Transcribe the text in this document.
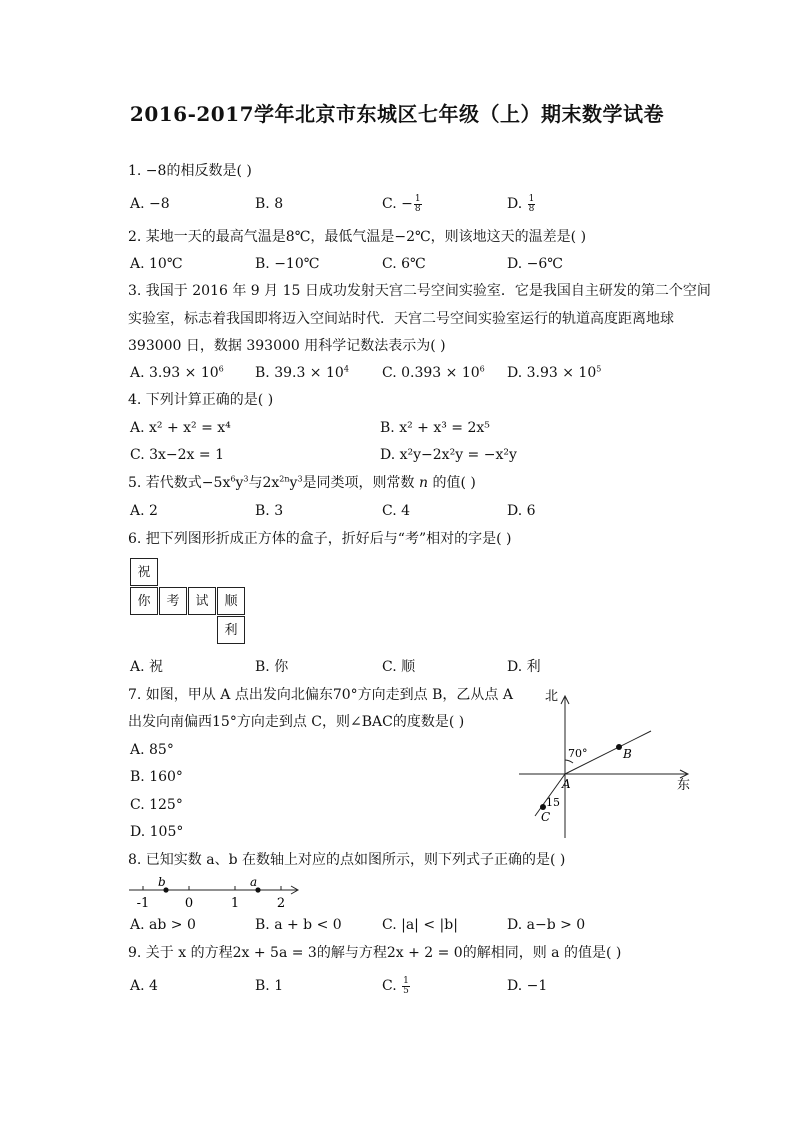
2016-2017学年北京市东城区七年级（上）期末数学试卷
1. −8的相反数是( )
A. −8	B. 8	C. − $\frac{1}{8}$	D. $\frac{1}{8}$
2. 某地一天的最高气温是8℃，最低气温是−2℃，则该地这天的温差是( )
A. 10℃	B. −10℃	C. 6℃	D. −6℃
3. 我国于 2016 年 9 月 15 日成功发射天宫二号空间实验室．它是我国自主研发的第二个空间
实验室，标志着我国即将迈入空间站时代．天宫二号空间实验室运行的轨道高度距离地球
393000 日，数据 393000 用科学记数法表示为( )
A. $3.93 \times 10^6$ B. $39.3 \times 10^4$ C. $0.393 \times 10^6$ D. $3.93 \times 10^5$
4. 下列计算正确的是( )
A. x² + x² = x⁴	B. x² + x³ = 2x⁵
C. 3x−2x = 1	D. x²y−2x²y = −x²y
5. 若代数式$-5x^6y^3$与$2x^{2n}y^3$是同类项，则常数 n 的值( )
A. 2	B. 3	C. 4	D. 6
6. 把下列图形折成正方体的盒子，折好后与“考”相对的字是( )
祝
你	考	试	顺
利
A. 祝	B. 你	C. 顺	D. 利
7. 如图，甲从 A 点出发向北偏东70°方向走到点 B，乙从点 A
出发向南偏西15°方向走到点 C，则∠BAC的度数是( )
A. 85°
B. 160°
C. 125°
D. 105°
北
东
70°
15
A
B
C
8. 已知实数 a、b 在数轴上对应的点如图所示，则下列式子正确的是( )
-1	0	1	2
b	a
A. ab > 0	B. a + b < 0	C. |a| < |b|	D. a−b > 0
9. 关于 x 的方程2x + 5a = 3的解与方程2x + 2 = 0的解相同，则 a 的值是( )
A. 4	B. 1	C. $\frac{1}{5}$	D. −1
